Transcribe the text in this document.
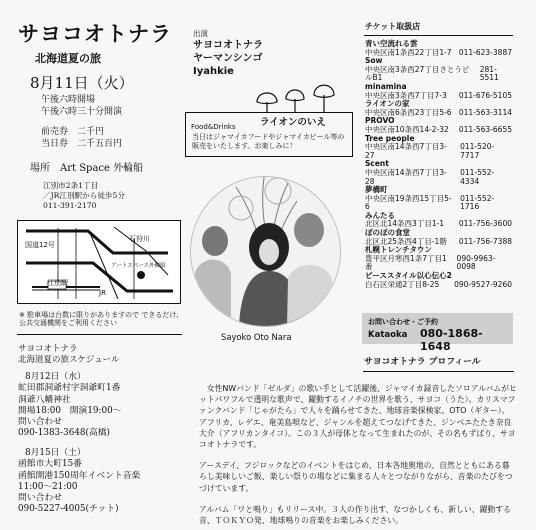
サヨコオトナラ
北海道夏の旅
8月11日（火）
午後六時開場
午後六時三十分開演
前売券　 二千円
当日券　 二千五百円
場所　 Art Space 外輪船
江別市2条1丁目
／JR江別駅から徒歩5分
011-391-2170
国道12号
石狩川
江別駅
JR
アートスペース外輪船
※ 駐車場は台数に限りがありますので できるだけ、公共交通機関をご利用ください
サヨコオトナラ
北海道夏の旅スケジュール
8月12日（水）
虻田郡洞爺村字洞爺町1番
洞爺八幡神社
開場18:00　開演19:00〜
問い合わせ
090-1383-3648(高橋)
8月15日（土）
函館市大町15番
函館開港150周年イベント音楽
11:00〜21:00
問い合わせ
090-5227-4005(チット)
出演
サヨコオトナラ
ヤーマンシンゴ
Iyahkie
Food&Drinks	ライオンのいえ
当日はジャマイカフードやジャマイカビール等の販売をいたします。お楽しみに！
Sayoko Oto Nara
チケット取扱店
青い空流れる雲
中央区南1条西22丁目1-7 011-623-3887
Sow
中央区南3条西27丁目さとうビルB1
281-5511
minamina
中央区南3条西7丁目7-3 011-676-5105
ライオンの家
中央区南6条西23丁目5-6 011-563-3114
PROVO
中央区南10条西14-2-32 011-563-6655
Tree people
中央区南14条西7丁目3-27
011-520-7717
Scent
中央区南14条西7丁目3-28
011-552-4334
夢構町
中央区南19条西15丁目5-6
011-552-1716
みんたる
北区北14条西3丁目1-1 011-756-3600
ぽのぽの食堂
北区北25条西4丁目-1階 011-756-7388
札幌トレンチタウン
豊平区月寒西1条7丁目1番
090-9963-0098
ピーススタイル以心伝心2
白石区栄通2丁目8-25 090-9527-9260
お問い合わせ・ご予約
Kataoka 080-1868-1648
サヨコオトナラ プロフィール
女性NWバンド「ゼルダ」の歌い手として活躍後、ジャマイカ録音したソロアルバムがヒットパワフルで透明な歌声で、躍動するイノチの世界を歌う、サヨコ（うた）。カリスマファンクバンド「じゃがたら」で人々を踊らせてきた、地球音楽探検家、OTO（ギター）。アフリカ、レゲエ、奄美島唄など、ジャンルを超えてつなげてきた、ジンベエたたき奈良大介（アフリカンタイコ）。この３人が母体となって生まれたのが、その名もずばり、サヨコオトナラです。
アースデイ、フジロックなどのイベントをはじめ、日本各地奥地の、自然とともにある暮らし美味しいご飯、楽しい祭りの場などに集まる人々とつながりながら、音楽のたびをつづけています。
アルバム「ワと鳴り」もリリース中。３人の作り出す、なつかしくも、新しい、躍動する音、ＴＯＫＹＯ発、地球鳴りの音楽をお楽しみください。
